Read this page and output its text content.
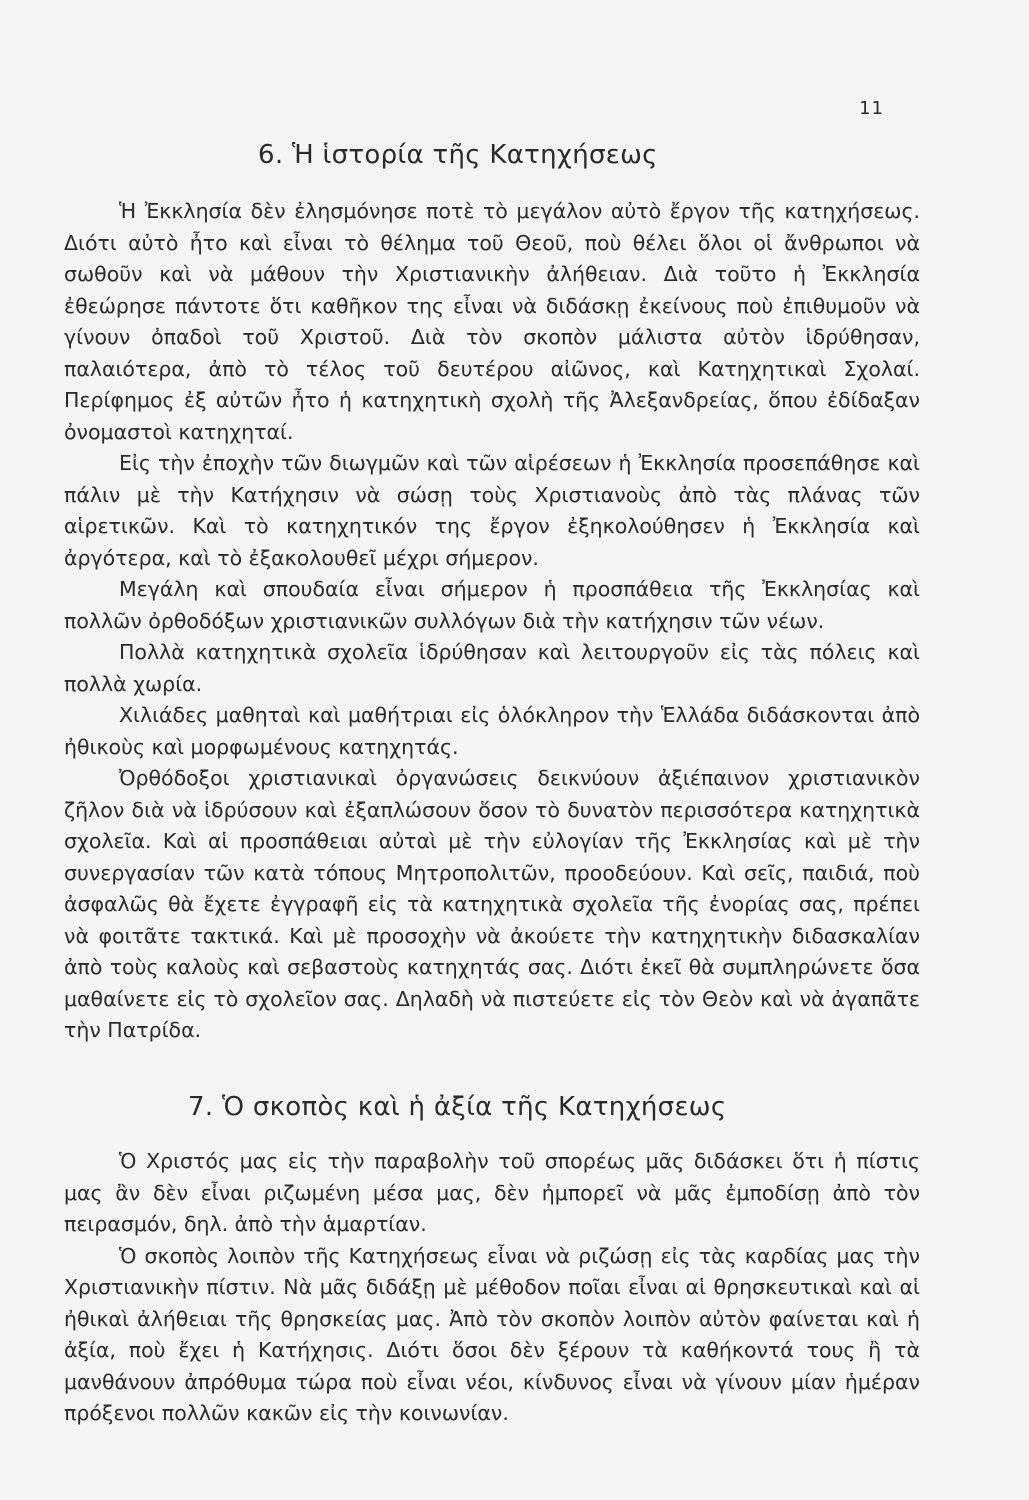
11
6. Ἡ ἱστορία τῆς Κατηχήσεως

Ἡ Ἐκκλησία δὲν ἐλησμόνησε ποτὲ τὸ μεγάλον αὐτὸ ἔργον τῆς κατηχήσεως. Διότι αὐτὸ ἦτο καὶ εἶναι τὸ θέλημα τοῦ Θεοῦ, ποὺ θέλει ὅλοι οἱ ἄνθρωποι νὰ σωθοῦν καὶ νὰ μάθουν τὴν Χριστιανικὴν ἀλήθειαν. Διὰ τοῦτο ἡ Ἐκκλησία ἐθεώρησε πάντοτε ὅτι καθῆκον της εἶναι νὰ διδάσκῃ ἐκείνους ποὺ ἐπιθυμοῦν νὰ γίνουν ὀπαδοὶ τοῦ Χριστοῦ. Διὰ τὸν σκοπὸν μάλιστα αὐτὸν ἱδρύθησαν, παλαιότερα, ἀπὸ τὸ τέλος τοῦ δευτέρου αἰῶνος, καὶ Κατηχητικαὶ Σχολαί. Περίφημος ἐξ αὐτῶν ἦτο ἡ κατηχητικὴ σχολὴ τῆς Ἀλεξανδρείας, ὅπου ἐδίδαξαν ὀνομαστοὶ κατηχηταί.

Εἰς τὴν ἐποχὴν τῶν διωγμῶν καὶ τῶν αἱρέσεων ἡ Ἐκκλησία προσεπάθησε καὶ πάλιν μὲ τὴν Κατήχησιν νὰ σώσῃ τοὺς Χριστιανοὺς ἀπὸ τὰς πλάνας τῶν αἱρετικῶν. Καὶ τὸ κατηχητικόν της ἔργον ἐξηκολούθησεν ἡ Ἐκκλησία καὶ ἀργότερα, καὶ τὸ ἐξακολουθεῖ μέχρι σήμερον.

Μεγάλη καὶ σπουδαία εἶναι σήμερον ἡ προσπάθεια τῆς Ἐκκλησίας καὶ πολλῶν ὀρθοδόξων χριστιανικῶν συλλόγων διὰ τὴν κατήχησιν τῶν νέων.

Πολλὰ κατηχητικὰ σχολεῖα ἱδρύθησαν καὶ λειτουργοῦν εἰς τὰς πόλεις καὶ πολλὰ χωρία.

Χιλιάδες μαθηταὶ καὶ μαθήτριαι εἰς ὁλόκληρον τὴν Ἑλλάδα διδάσκονται ἀπὸ ἠθικοὺς καὶ μορφωμένους κατηχητάς.

Ὀρθόδοξοι χριστιανικαὶ ὀργανώσεις δεικνύουν ἀξιέπαινον χριστιανικὸν ζῆλον διὰ νὰ ἱδρύσουν καὶ ἐξαπλώσουν ὅσον τὸ δυνατὸν περισσότερα κατηχητικὰ σχολεῖα. Καὶ αἱ προσπάθειαι αὐταὶ μὲ τὴν εὐλογίαν τῆς Ἐκκλησίας καὶ μὲ τὴν συνεργασίαν τῶν κατὰ τόπους Μητροπολιτῶν, προοδεύουν. Καὶ σεῖς, παιδιά, ποὺ ἀσφαλῶς θὰ ἔχετε ἐγγραφῆ εἰς τὰ κατηχητικὰ σχολεῖα τῆς ἐνορίας σας, πρέπει νὰ φοιτᾶτε τακτικά. Καὶ μὲ προσοχὴν νὰ ἀκούετε τὴν κατηχητικὴν διδασκαλίαν ἀπὸ τοὺς καλοὺς καὶ σεβαστοὺς κατηχητάς σας. Διότι ἐκεῖ θὰ συμπληρώνετε ὅσα μαθαίνετε εἰς τὸ σχολεῖον σας. Δηλαδὴ νὰ πιστεύετε εἰς τὸν Θεὸν καὶ νὰ ἀγαπᾶτε τὴν Πατρίδα.

7. Ὁ σκοπὸς καὶ ἡ ἀξία τῆς Κατηχήσεως

Ὁ Χριστός μας εἰς τὴν παραβολὴν τοῦ σπορέως μᾶς διδάσκει ὅτι ἡ πίστις μας ἂν δὲν εἶναι ριζωμένη μέσα μας, δὲν ἠμπορεῖ νὰ μᾶς ἐμποδίσῃ ἀπὸ τὸν πειρασμόν, δηλ. ἀπὸ τὴν ἁμαρτίαν.

Ὁ σκοπὸς λοιπὸν τῆς Κατηχήσεως εἶναι νὰ ριζώσῃ εἰς τὰς καρδίας μας τὴν Χριστιανικὴν πίστιν. Νὰ μᾶς διδάξῃ μὲ μέθοδον ποῖαι εἶναι αἱ θρησκευτικαὶ καὶ αἱ ἠθικαὶ ἀλήθειαι τῆς θρησκείας μας. Ἀπὸ τὸν σκοπὸν λοιπὸν αὐτὸν φαίνεται καὶ ἡ ἀξία, ποὺ ἔχει ἡ Κατήχησις. Διότι ὅσοι δὲν ξέρουν τὰ καθήκοντά τους ἢ τὰ μανθάνουν ἀπρόθυμα τώρα ποὺ εἶναι νέοι, κίνδυνος εἶναι νὰ γίνουν μίαν ἡμέραν πρόξενοι πολλῶν κακῶν εἰς τὴν κοινωνίαν.
